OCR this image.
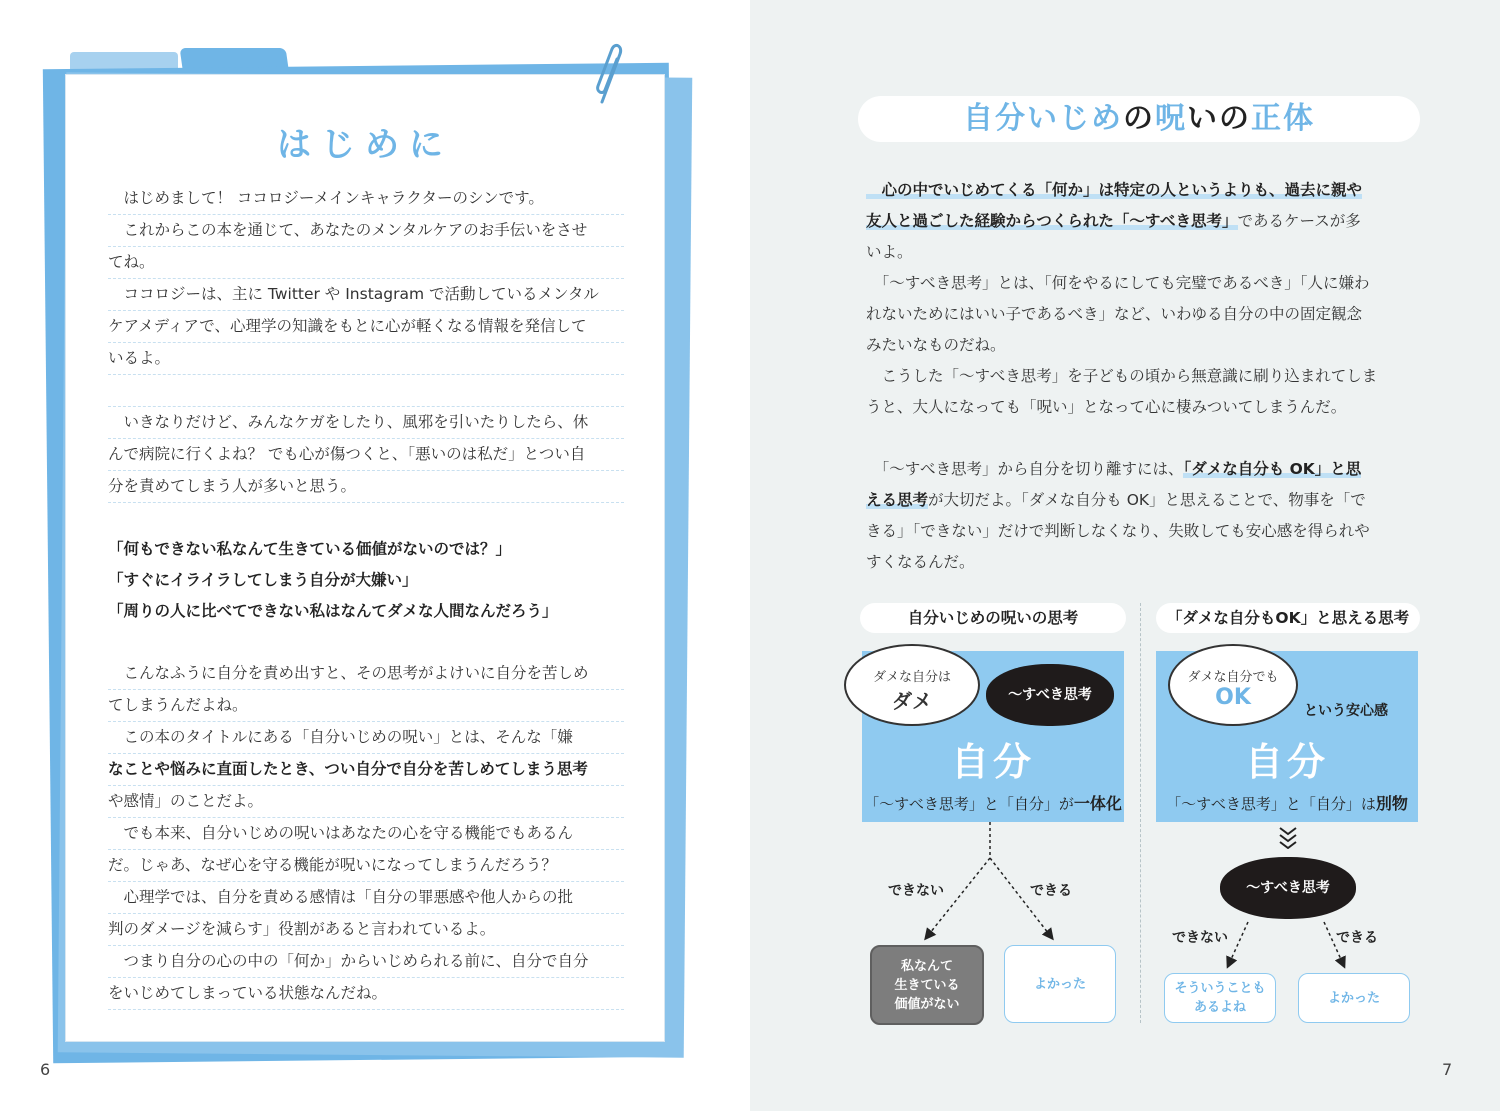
はじめに
　はじめまして！ ココロジーメインキャラクターのシンです。
　これからこの本を通じて、あなたのメンタルケアのお手伝いをさせ
てね。
　ココロジーは、主に Twitter や Instagram で活動しているメンタル
ケアメディアで、心理学の知識をもとに心が軽くなる情報を発信して
いるよ。
　いきなりだけど、みんなケガをしたり、風邪を引いたりしたら、休
んで病院に行くよね？ でも心が傷つくと、「悪いのは私だ」とつい自
分を責めてしまう人が多いと思う。
「何もできない私なんて生きている価値がないのでは？」
「すぐにイライラしてしまう自分が大嫌い」
「周りの人に比べてできない私はなんてダメな人間なんだろう」
　こんなふうに自分を責め出すと、その思考がよけいに自分を苦しめ
てしまうんだよね。
　この本のタイトルにある「自分いじめの呪い」とは、そんな「嫌
なことや悩みに直面したとき、つい自分で自分を苦しめてしまう思考
や感情」のことだよ。
　でも本来、自分いじめの呪いはあなたの心を守る機能でもあるん
だ。じゃあ、なぜ心を守る機能が呪いになってしまうんだろう？
　心理学では、自分を責める感情は「自分の罪悪感や他人からの批
判のダメージを減らす」役割があると言われているよ。
　つまり自分の心の中の「何か」からいじめられる前に、自分で自分
をいじめてしまっている状態なんだね。
6
自分いじめの呪いの正体
　心の中でいじめてくる「何か」は特定の人というよりも、過去に親や
友人と過ごした経験からつくられた「〜すべき思考」であるケースが多
いよ。
　「〜すべき思考」とは、「何をやるにしても完璧であるべき」「人に嫌わ
れないためにはいい子であるべき」など、いわゆる自分の中の固定観念
みたいなものだね。
　こうした「〜すべき思考」を子どもの頃から無意識に刷り込まれてしま
うと、大人になっても「呪い」となって心に棲みついてしまうんだ。
　「〜すべき思考」から自分を切り離すには、「ダメな自分も OK」と思
える思考が大切だよ。「ダメな自分も OK」と思えることで、物事を「で
きる」「できない」だけで判断しなくなり、失敗しても安心感を得られや
すくなるんだ。
自分いじめの呪いの思考	「ダメな自分もOK」と思える思考
自分
「〜すべき思考」と「自分」が一体化
ダメな自分は
ダメ	〜すべき思考
自分
「〜すべき思考」と「自分」は別物
ダメな自分でも
OK
という安心感
〜すべき思考
できない	できる
できない	できる
私なんて
生きている
価値がない
よかった	そういうことも
あるよね
よかった
7
